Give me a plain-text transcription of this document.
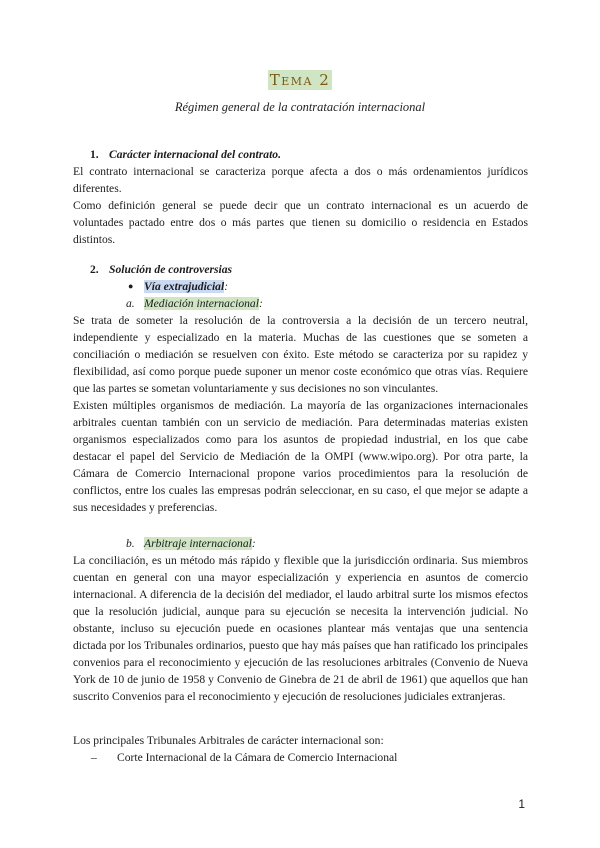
Tema 2
Régimen general de la contratación internacional

1. Carácter internacional del contrato.

El contrato internacional se caracteriza porque afecta a dos o más ordenamientos jurídicos diferentes.

Como definición general se puede decir que un contrato internacional es un acuerdo de voluntades pactado entre dos o más partes que tienen su domicilio o residencia en Estados distintos.

2. Solución de controversias

● Vía extrajudicial:

a. Mediación internacional:

Se trata de someter la resolución de la controversia a la decisión de un tercero neutral, independiente y especializado en la materia. Muchas de las cuestiones que se someten a conciliación o mediación se resuelven con éxito. Este método se caracteriza por su rapidez y flexibilidad, así como porque puede suponer un menor coste económico que otras vías. Requiere que las partes se sometan voluntariamente y sus decisiones no son vinculantes.

Existen múltiples organismos de mediación. La mayoría de las organizaciones internacionales arbitrales cuentan también con un servicio de mediación. Para determinadas materias existen organismos especializados como para los asuntos de propiedad industrial, en los que cabe destacar el papel del Servicio de Mediación de la OMPI (www.wipo.org). Por otra parte, la Cámara de Comercio Internacional propone varios procedimientos para la resolución de conflictos, entre los cuales las empresas podrán seleccionar, en su caso, el que mejor se adapte a sus necesidades y preferencias.

b. Arbitraje internacional:

La conciliación, es un método más rápido y flexible que la jurisdicción ordinaria. Sus miembros cuentan en general con una mayor especialización y experiencia en asuntos de comercio internacional. A diferencia de la decisión del mediador, el laudo arbitral surte los mismos efectos que la resolución judicial, aunque para su ejecución se necesita la intervención judicial. No obstante, incluso su ejecución puede en ocasiones plantear más ventajas que una sentencia dictada por los Tribunales ordinarios, puesto que hay más países que han ratificado los principales convenios para el reconocimiento y ejecución de las resoluciones arbitrales (Convenio de Nueva York de 10 de junio de 1958 y Convenio de Ginebra de 21 de abril de 1961) que aquellos que han suscrito Convenios para el reconocimiento y ejecución de resoluciones judiciales extranjeras.

Los principales Tribunales Arbitrales de carácter internacional son:

– Corte Internacional de la Cámara de Comercio Internacional

1
